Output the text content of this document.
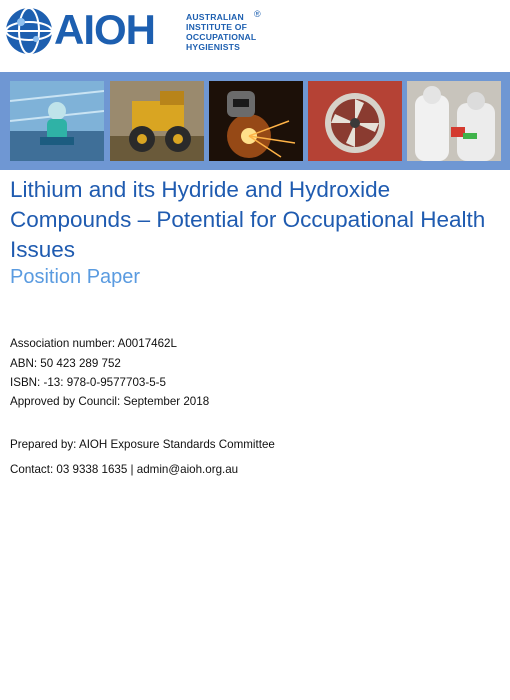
AIOH	AUSTRALIAN
INSTITUTE OF
OCCUPATIONAL
HYGIENISTS
®
Lithium and its Hydride and Hydroxide Compounds – Potential for Occupational Health Issues
Position Paper
Association number: A0017462L
ABN: 50 423 289 752
ISBN: -13: 978-0-9577703-5-5
Approved by Council: September 2018
Prepared by: AIOH Exposure Standards Committee
Contact: 03 9338 1635 | admin@aioh.org.au
